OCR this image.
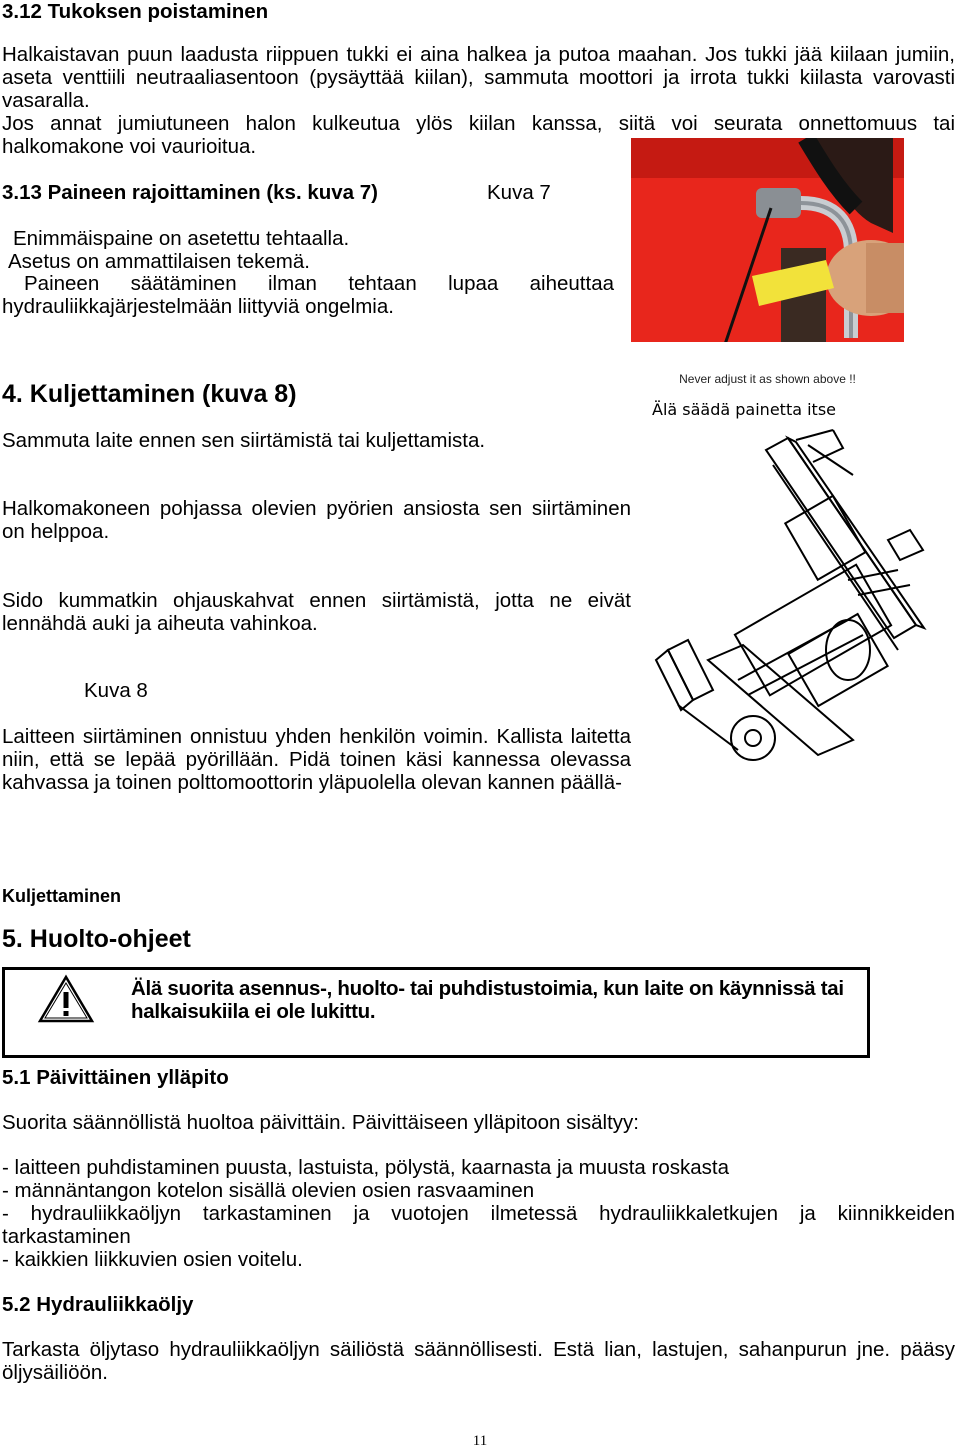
3.12 Tukoksen poistaminen
Halkaistavan puun laadusta riippuen tukki ei aina halkea ja putoa maahan. Jos tukki jää kiilaan jumiin, aseta venttiili neutraaliasentoon (pysäyttää kiilan), sammuta moottori ja irrota tukki kiilasta varovasti vasaralla.
Jos annat jumiutuneen halon kulkeutua ylös kiilan kanssa, siitä voi seurata onnettomuus tai halkomakone voi vaurioitua.
3.13 Paineen rajoittaminen (ks. kuva 7)	Kuva 7
Enimmäispaine on asetettu tehtaalla.
Asetus on ammattilaisen tekemä.
Paineen säätäminen ilman tehtaan lupaa aiheuttaa hydrauliikkajärjestelmään liittyviä ongelmia.
Never adjust it as shown above !!
Älä säädä painetta itse
4. Kuljettaminen (kuva 8)
Sammuta laite ennen sen siirtämistä tai kuljettamista.
Halkomakoneen pohjassa olevien pyörien ansiosta sen siirtäminen on helppoa.
Sido kummatkin ohjauskahvat ennen siirtämistä, jotta ne eivät lennähdä auki ja aiheuta vahinkoa.
Kuva 8
Laitteen siirtäminen onnistuu yhden henkilön voimin. Kallista laitetta niin, että se lepää pyörillään. Pidä toinen käsi kannessa olevassa kahvassa ja toinen polttomoottorin yläpuolella olevan kannen päällä-
Kuljettaminen
5. Huolto-ohjeet
Älä suorita asennus-, huolto- tai puhdistustoimia, kun laite on käynnissä tai halkaisukiila ei ole lukittu.
5.1 Päivittäinen ylläpito
Suorita säännöllistä huoltoa päivittäin. Päivittäiseen ylläpitoon sisältyy:
- laitteen puhdistaminen puusta, lastuista, pölystä, kaarnasta ja muusta roskasta
- männäntangon kotelon sisällä olevien osien rasvaaminen
- hydrauliikkaöljyn tarkastaminen ja vuotojen ilmetessä hydrauliikkaletkujen ja kiinnikkeiden tarkastaminen
- kaikkien liikkuvien osien voitelu.
5.2 Hydrauliikkaöljy
Tarkasta öljytaso hydrauliikkaöljyn säiliöstä säännöllisesti. Estä lian, lastujen, sahanpurun jne. pääsy öljysäiliöön.
11
